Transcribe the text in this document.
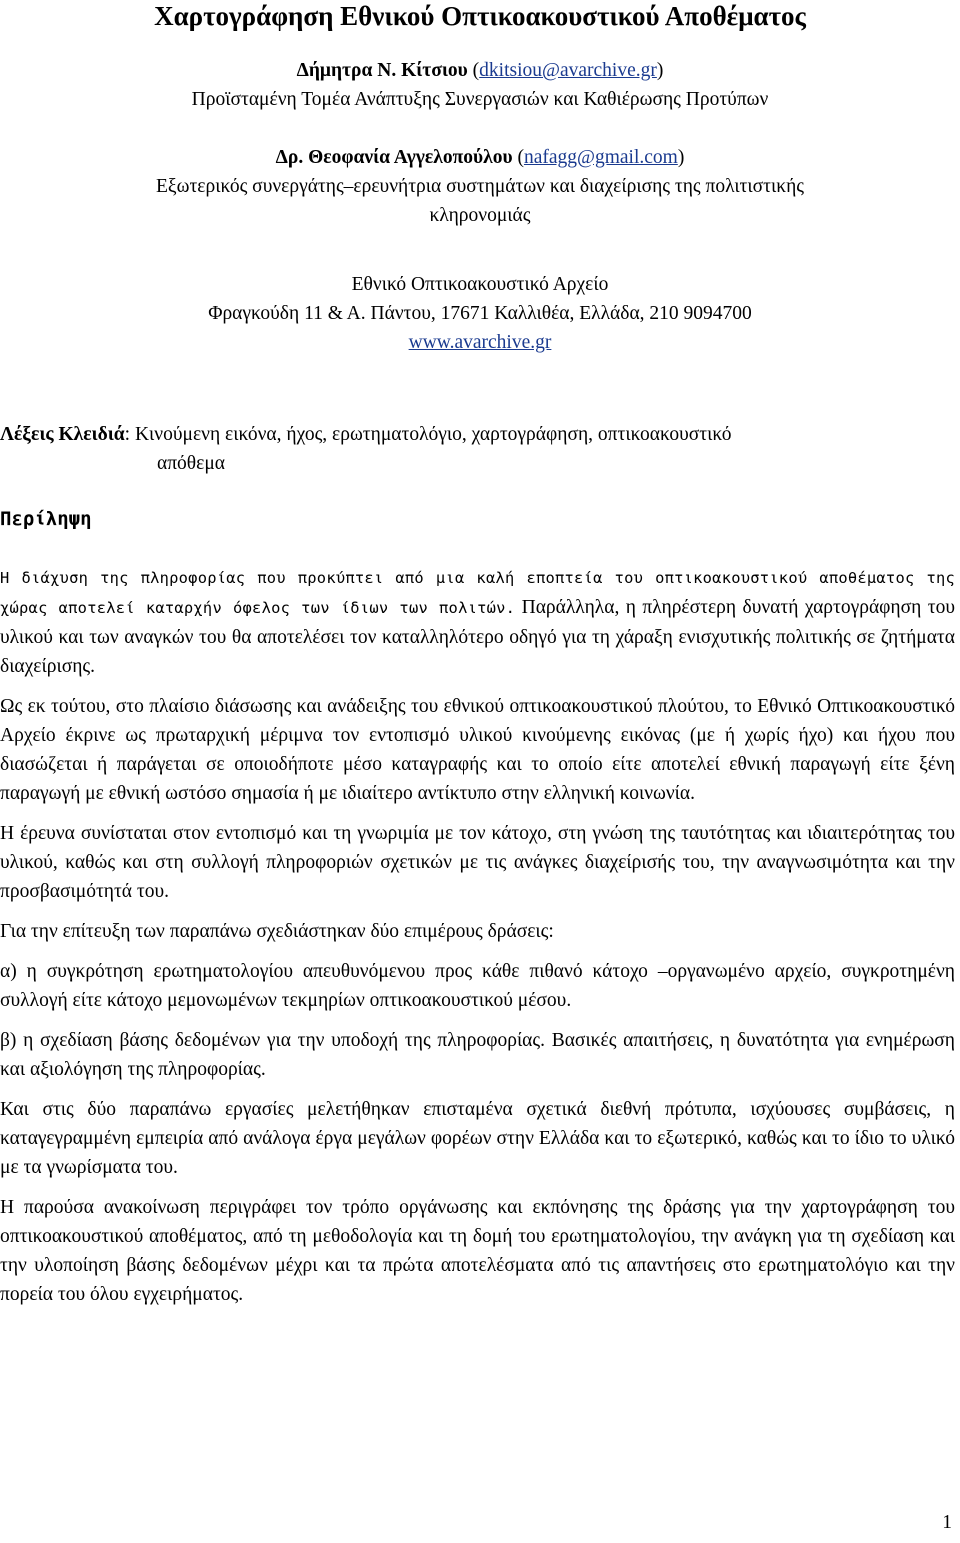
Χαρτογράφηση Εθνικού Οπτικοακουστικού Αποθέματος
Δήμητρα Ν. Κίτσιου (dkitsiou@avarchive.gr)
Προϊσταμένη Τομέα Ανάπτυξης Συνεργασιών και Καθιέρωσης Προτύπων
Δρ. Θεοφανία Αγγελοπούλου (nafagg@gmail.com)
Εξωτερικός συνεργάτης–ερευνήτρια συστημάτων και διαχείρισης της πολιτιστικής
κληρονομιάς
Εθνικό Οπτικοακουστικό Αρχείο
Φραγκούδη 11 & Α. Πάντου, 17671 Καλλιθέα, Ελλάδα, 210 9094700
www.avarchive.gr
Λέξεις Κλειδιά: Κινούμενη εικόνα, ήχος, ερωτηματολόγιο, χαρτογράφηση, οπτικοακουστικό
απόθεμα
Περίληψη

Η διάχυση της πληροφορίας που προκύπτει από μια καλή εποπτεία του οπτικοακουστικού αποθέματος της χώρας αποτελεί καταρχήν όφελος των ίδιων των πολιτών. Παράλληλα, η πληρέστερη δυνατή χαρτογράφηση του υλικού και των αναγκών του θα αποτελέσει τον καταλληλότερο οδηγό για τη χάραξη ενισχυτικής πολιτικής σε ζητήματα διαχείρισης.

Ως εκ τούτου, στο πλαίσιο διάσωσης και ανάδειξης του εθνικού οπτικοακουστικού πλούτου, το Εθνικό Οπτικοακουστικό Αρχείο έκρινε ως πρωταρχική μέριμνα τον εντοπισμό υλικού κινούμενης εικόνας (με ή χωρίς ήχο) και ήχου που διασώζεται ή παράγεται σε οποιοδήποτε μέσο καταγραφής και το οποίο είτε αποτελεί εθνική παραγωγή είτε ξένη παραγωγή με εθνική ωστόσο σημασία ή με ιδιαίτερο αντίκτυπο στην ελληνική κοινωνία.

Η έρευνα συνίσταται στον εντοπισμό και τη γνωριμία με τον κάτοχο, στη γνώση της ταυτότητας και ιδιαιτερότητας του υλικού, καθώς και στη συλλογή πληροφοριών σχετικών με τις ανάγκες διαχείρισής του, την αναγνωσιμότητα και την προσβασιμότητά του.

Για την επίτευξη των παραπάνω σχεδιάστηκαν δύο επιμέρους δράσεις:

α) η συγκρότηση ερωτηματολογίου απευθυνόμενου προς κάθε πιθανό κάτοχο –οργανωμένο αρχείο, συγκροτημένη συλλογή είτε κάτοχο μεμονωμένων τεκμηρίων οπτικοακουστικού μέσου.

β) η σχεδίαση βάσης δεδομένων για την υποδοχή της πληροφορίας. Βασικές απαιτήσεις, η δυνατότητα για ενημέρωση και αξιολόγηση της πληροφορίας.

Και στις δύο παραπάνω εργασίες μελετήθηκαν επισταμένα σχετικά διεθνή πρότυπα, ισχύουσες συμβάσεις, η καταγεγραμμένη εμπειρία από ανάλογα έργα μεγάλων φορέων στην Ελλάδα και το εξωτερικό, καθώς και το ίδιο το υλικό με τα γνωρίσματα του.

Η παρούσα ανακοίνωση περιγράφει τον τρόπο οργάνωσης και εκπόνησης της δράσης για την χαρτογράφηση του οπτικοακουστικού αποθέματος, από τη μεθοδολογία και τη δομή του ερωτηματολογίου, την ανάγκη για τη σχεδίαση και την υλοποίηση βάσης δεδομένων μέχρι και τα πρώτα αποτελέσματα από τις απαντήσεις στο ερωτηματολόγιο και την πορεία του όλου εγχειρήματος.

1
